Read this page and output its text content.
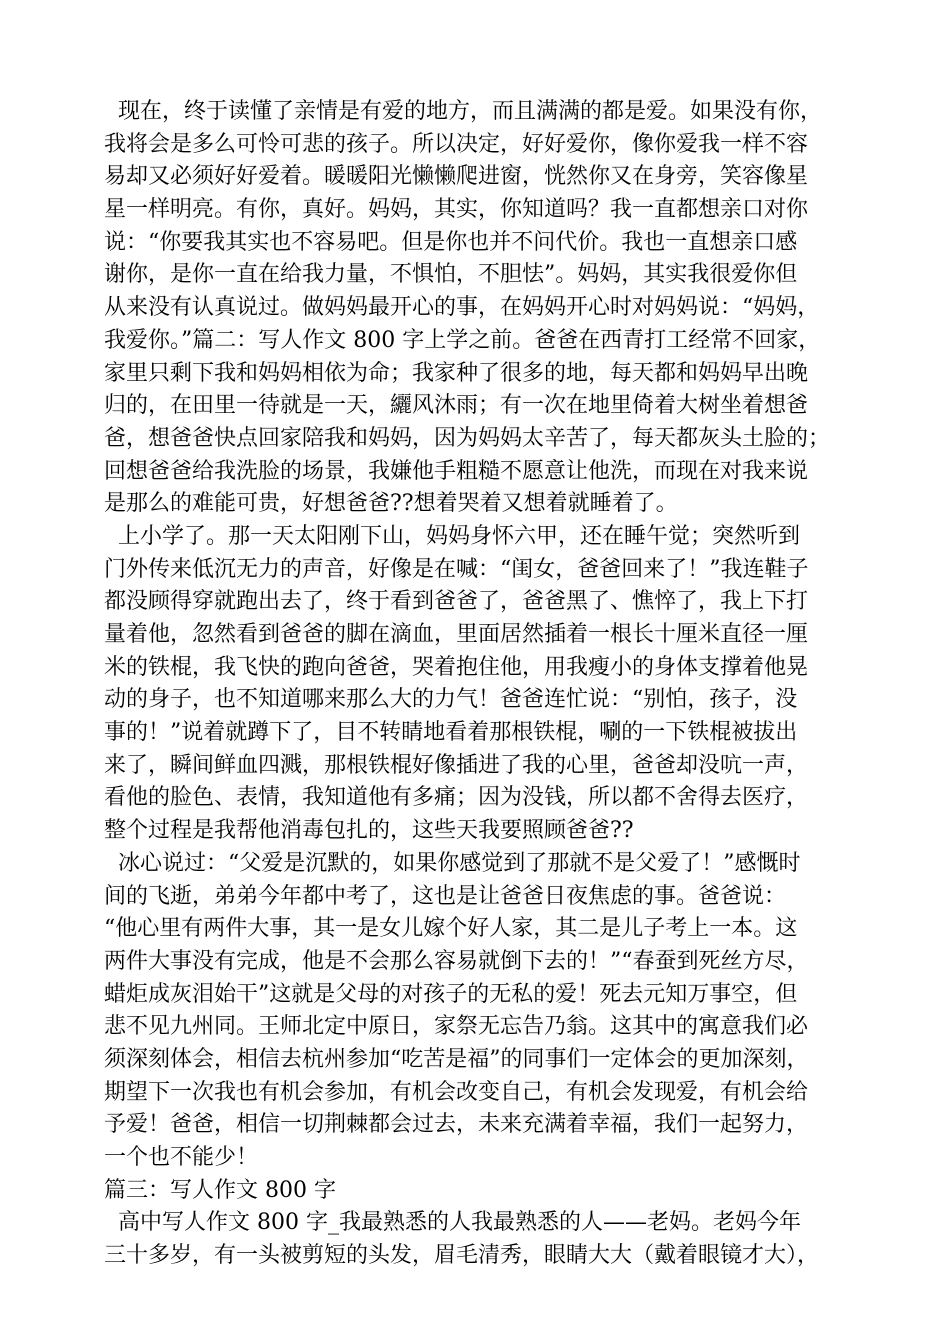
现在，终于读懂了亲情是有爱的地方，而且满满的都是爱。如果没有你，
我将会是多么可怜可悲的孩子。所以决定，好好爱你，像你爱我一样不容
易却又必须好好爱着。暖暖阳光懒懒爬进窗，恍然你又在身旁，笑容像星
星一样明亮。有你，真好。妈妈，其实，你知道吗？我一直都想亲口对你
说：“你要我其实也不容易吧。但是你也并不问代价。我也一直想亲口感
谢你，是你一直在给我力量，不惧怕，不胆怯”。妈妈，其实我很爱你但
从来没有认真说过。做妈妈最开心的事，在妈妈开心时对妈妈说：“妈妈，
我爱你。”篇二：写人作文 800 字上学之前。爸爸在西青打工经常不回家，
家里只剩下我和妈妈相依为命；我家种了很多的地，每天都和妈妈早出晚
归的，在田里一待就是一天，纚风沐雨；有一次在地里倚着大树坐着想爸
爸，想爸爸快点回家陪我和妈妈，因为妈妈太辛苦了，每天都灰头土脸的；
回想爸爸给我洗脸的场景，我嫌他手粗糙不愿意让他洗，而现在对我来说
是那么的难能可贵，好想爸爸??想着哭着又想着就睡着了。
上小学了。那一天太阳刚下山，妈妈身怀六甲，还在睡午觉；突然听到
门外传来低沉无力的声音，好像是在喊：“闺女，爸爸回来了！”我连鞋子
都没顾得穿就跑出去了，终于看到爸爸了，爸爸黑了、憔悴了，我上下打
量着他，忽然看到爸爸的脚在滴血，里面居然插着一根长十厘米直径一厘
米的铁棍，我飞快的跑向爸爸，哭着抱住他，用我瘦小的身体支撑着他晃
动的身子，也不知道哪来那么大的力气！爸爸连忙说：“别怕，孩子，没
事的！”说着就蹲下了，目不转睛地看着那根铁棍，唰的一下铁棍被拔出
来了，瞬间鲜血四溅，那根铁棍好像插进了我的心里，爸爸却没吭一声，
看他的脸色、表情，我知道他有多痛；因为没钱，所以都不舍得去医疗，
整个过程是我帮他消毒包扎的，这些天我要照顾爸爸??
冰心说过：“父爱是沉默的，如果你感觉到了那就不是父爱了！”感慨时
间的飞逝，弟弟今年都中考了，这也是让爸爸日夜焦虑的事。爸爸说：
“他心里有两件大事，其一是女儿嫁个好人家，其二是儿子考上一本。这
两件大事没有完成，他是不会那么容易就倒下去的！”“春蚕到死丝方尽，
蜡炬成灰泪始干”这就是父母的对孩子的无私的爱！死去元知万事空，但
悲不见九州同。王师北定中原日，家祭无忘告乃翁。这其中的寓意我们必
须深刻体会，相信去杭州参加“吃苦是福”的同事们一定体会的更加深刻，
期望下一次我也有机会参加，有机会改变自己，有机会发现爱，有机会给
予爱！爸爸，相信一切荆棘都会过去，未来充满着幸福，我们一起努力，
一个也不能少！
篇三：写人作文 800 字
高中写人作文 800 字_我最熟悉的人我最熟悉的人——老妈。老妈今年
三十多岁，有一头被剪短的头发，眉毛清秀，眼睛大大（戴着眼镜才大），
